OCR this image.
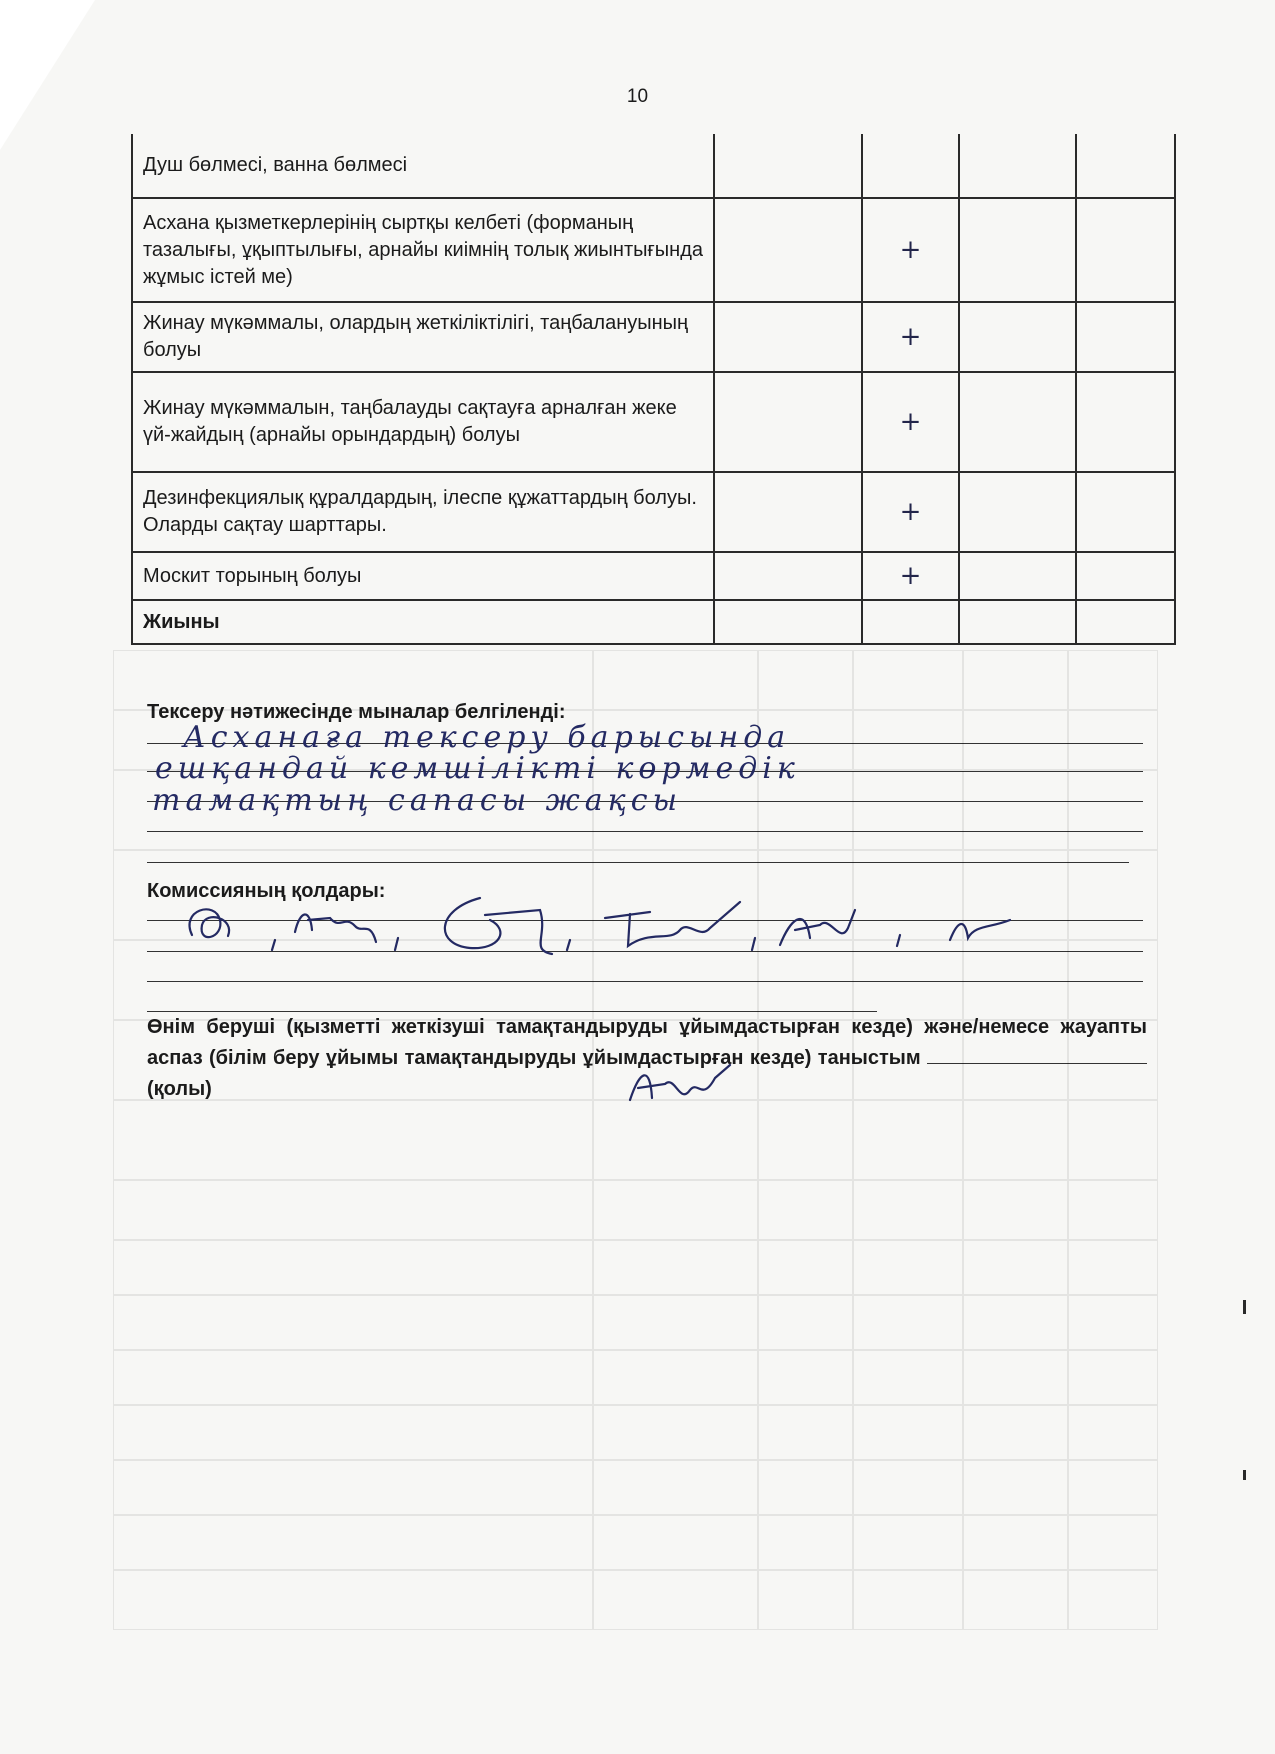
10
Душ бөлмесі, ванна бөлмесі					
Асхана қызметкерлерінің сыртқы келбеті (форманың тазалығы, ұқыптылығы, арнайы киімнің толық жиынтығында жұмыс істей ме)		+			
Жинау мүкәммалы, олардың жеткіліктілігі, таңбалануының болуы		+			
Жинау мүкәммалын, таңбалауды сақтауға арналған жеке үй-жайдың (арнайы орындардың) болуы		+			
Дезинфекциялық құралдардың, ілеспе құжаттардың болуы. Оларды сақтау шарттары.		+			
Москит торының болуы		+			
Жиыны					
Тексеру нәтижесінде мыналар белгіленді:
Асханаға тексеру барысында
ешқандай кемшілікті көрмедік
тамақтың сапасы жақсы
Комиссияның қолдары:
Өнім беруші (қызметті жеткізуші тамақтандыруды ұйымдастырған кезде) және/немесе жауапты аспаз (білім беру ұйымы тамақтандыруды ұйымдастырған кезде) таныстым  (қолы)
